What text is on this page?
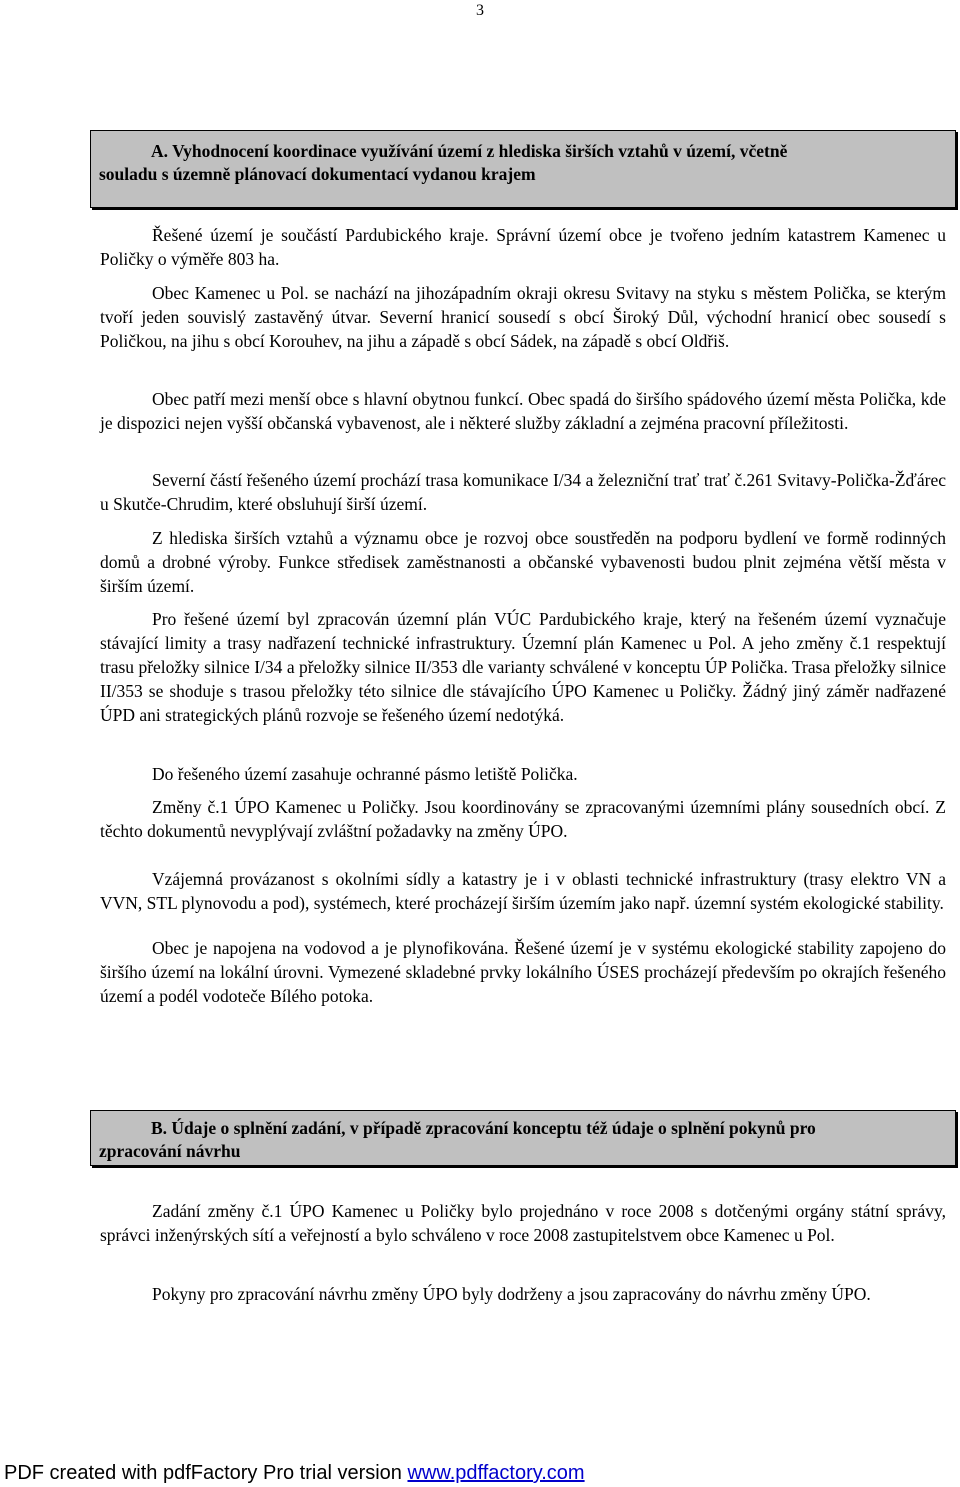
3
A. Vyhodnocení koordinace využívání území z hlediska širších vztahů v území, včetně
souladu s územně plánovací dokumentací vydanou krajem

Řešené území je součástí Pardubického kraje. Správní území obce je tvořeno jedním katastrem Kamenec u Poličky o výměře 803 ha.

Obec Kamenec u Pol. se nachází na jihozápadním okraji okresu Svitavy na styku s městem Polička, se kterým tvoří jeden souvislý zastavěný útvar. Severní hranicí sousedí s obcí Široký Důl, východní hranicí obec sousedí s Poličkou, na jihu s obcí Korouhev, na jihu a západě s obcí Sádek, na západě s obcí Oldřiš.

Obec patří mezi menší obce s hlavní obytnou funkcí. Obec spadá do širšího spádového území města Polička, kde je dispozici nejen vyšší občanská vybavenost, ale i některé služby základní a zejména pracovní příležitosti.

Severní částí řešeného území prochází trasa komunikace I/34 a železniční trať trať č.261 Svitavy-Polička-Žďárec u Skutče-Chrudim, které obsluhují širší území.

Z hlediska širších vztahů a významu obce je rozvoj obce soustředěn na podporu bydlení ve formě rodinných domů a drobné výroby. Funkce středisek zaměstnanosti a občanské vybavenosti budou plnit zejména větší města v širším území.

Pro řešené území byl zpracován územní plán VÚC Pardubického kraje, který na řešeném území vyznačuje stávající limity a trasy nadřazení technické infrastruktury. Územní plán Kamenec u Pol. A jeho změny č.1 respektují trasu přeložky silnice I/34 a přeložky silnice II/353 dle varianty schválené v konceptu ÚP Polička. Trasa přeložky silnice II/353 se shoduje s trasou přeložky této silnice dle stávajícího ÚPO Kamenec u Poličky. Žádný jiný záměr nadřazené ÚPD ani strategických plánů rozvoje se řešeného území nedotýká.

Do řešeného území zasahuje ochranné pásmo letiště Polička.

Změny č.1 ÚPO Kamenec u Poličky. Jsou koordinovány se zpracovanými územními plány sousedních obcí. Z těchto dokumentů nevyplývají zvláštní požadavky na změny ÚPO.

Vzájemná provázanost s okolními sídly a katastry je i v oblasti technické infrastruktury (trasy elektro VN a VVN, STL plynovodu a pod), systémech, které procházejí širším územím jako např. územní systém ekologické stability.

Obec je napojena na vodovod a je plynofikována. Řešené území je v systému ekologické stability zapojeno do širšího území na lokální úrovni. Vymezené skladebné prvky lokálního ÚSES procházejí především po okrajích řešeného území a podél vodoteče Bílého potoka.

B. Údaje o splnění zadání, v případě zpracování konceptu též údaje o splnění pokynů pro
zpracování návrhu

Zadání změny č.1 ÚPO Kamenec u Poličky bylo projednáno v roce 2008 s dotčenými orgány státní správy, správci inženýrských sítí a veřejností a bylo schváleno v roce 2008 zastupitelstvem obce Kamenec u Pol.

Pokyny pro zpracování návrhu změny ÚPO byly dodrženy a jsou zapracovány do návrhu změny ÚPO.

PDF created with pdfFactory Pro trial version www.pdffactory.com
